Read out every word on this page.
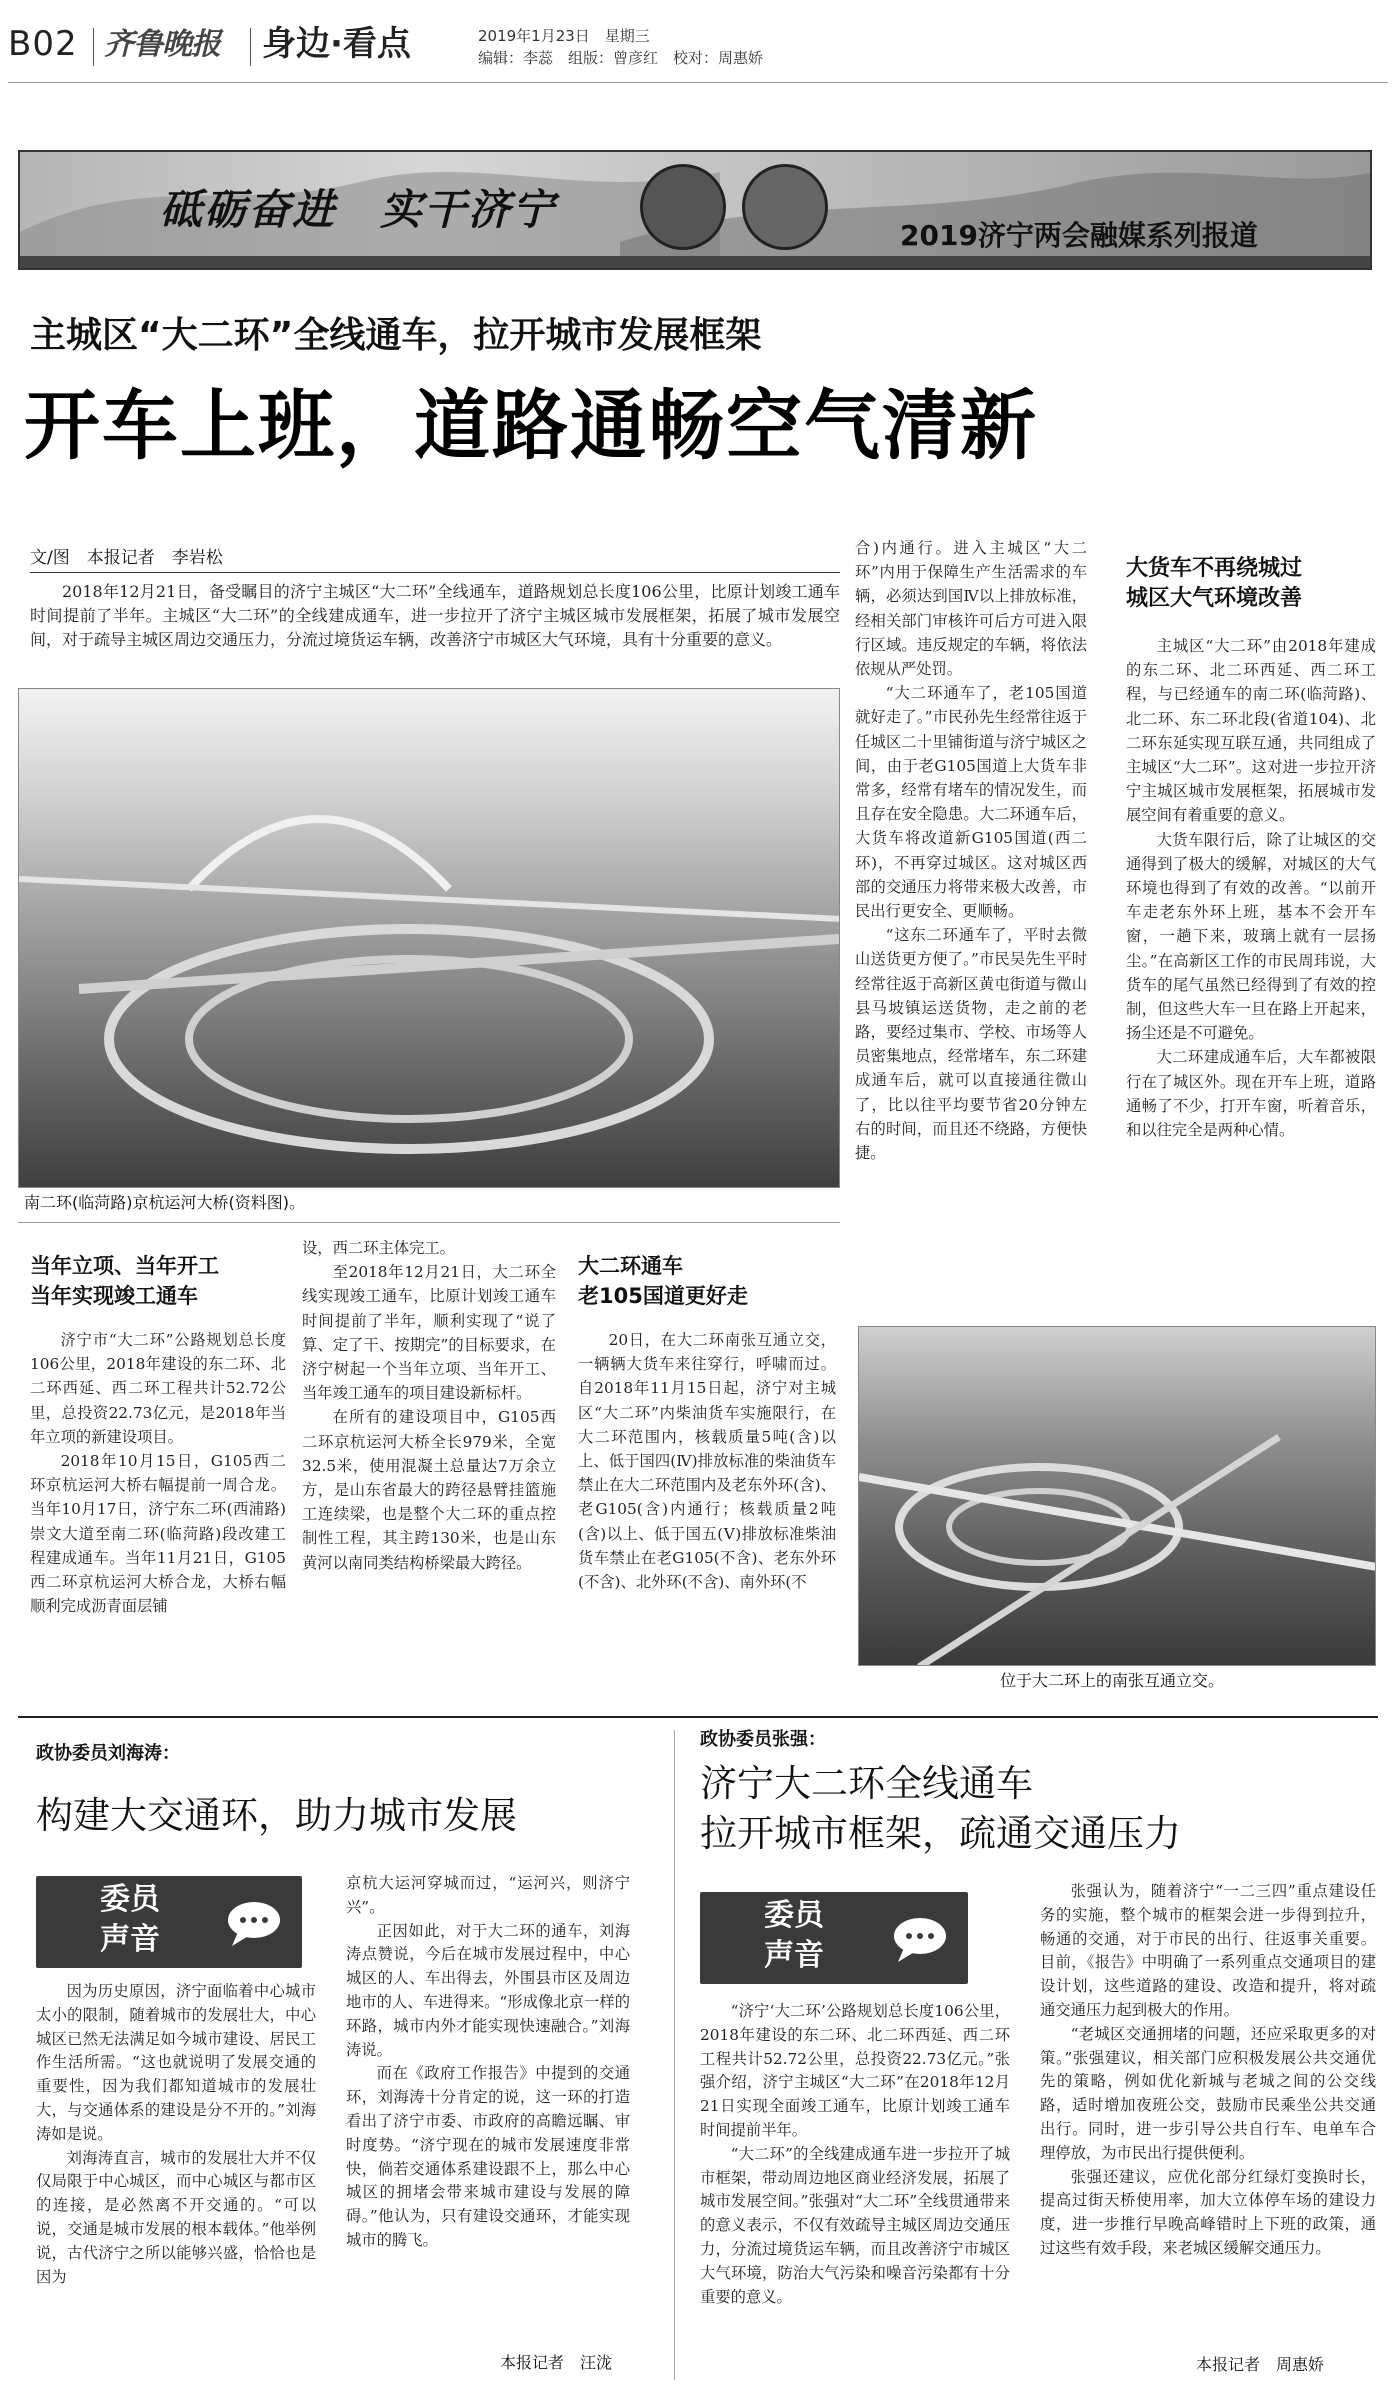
B02 齐鲁晚报 身边·看点	2019年1月23日　星期三
编辑：李蕊　组版：曾彦红　校对：周惠娇
砥砺奋进　实干济宁
2019济宁两会融媒系列报道
主城区“大二环”全线通车，拉开城市发展框架
开车上班，道路通畅空气清新
文/图　本报记者　李岩松
2018年12月21日，备受瞩目的济宁主城区“大二环”全线通车，道路规划总长度106公里，比原计划竣工通车时间提前了半年。主城区“大二环”的全线建成通车，进一步拉开了济宁主城区城市发展框架，拓展了城市发展空间，对于疏导主城区周边交通压力，分流过境货运车辆，改善济宁市城区大气环境，具有十分重要的意义。
南二环(临菏路)京杭运河大桥(资料图)。

合)内通行。进入主城区“大二环”内用于保障生产生活需求的车辆，必须达到国Ⅳ以上排放标准，经相关部门审核许可后方可进入限行区域。违反规定的车辆，将依法依规从严处罚。

“大二环通车了，老105国道就好走了。”市民孙先生经常往返于任城区二十里铺街道与济宁城区之间，由于老G105国道上大货车非常多，经常有堵车的情况发生，而且存在安全隐患。大二环通车后，大货车将改道新G105国道(西二环)，不再穿过城区。这对城区西部的交通压力将带来极大改善，市民出行更安全、更顺畅。

“这东二环通车了，平时去微山送货更方便了。”市民吴先生平时经常往返于高新区黄屯街道与微山县马坡镇运送货物，走之前的老路，要经过集市、学校、市场等人员密集地点，经常堵车，东二环建成通车后，就可以直接通往微山了，比以往平均要节省20分钟左右的时间，而且还不绕路，方便快捷。

大货车不再绕城过
城区大气环境改善

主城区“大二环”由2018年建成的东二环、北二环西延、西二环工程，与已经通车的南二环(临菏路)、北二环、东二环北段(省道104)、北二环东延实现互联互通，共同组成了主城区“大二环”。这对进一步拉开济宁主城区城市发展框架，拓展城市发展空间有着重要的意义。

大货车限行后，除了让城区的交通得到了极大的缓解，对城区的大气环境也得到了有效的改善。“以前开车走老东外环上班，基本不会开车窗，一趟下来，玻璃上就有一层扬尘。”在高新区工作的市民周玮说，大货车的尾气虽然已经得到了有效的控制，但这些大车一旦在路上开起来，扬尘还是不可避免。

大二环建成通车后，大车都被限行在了城区外。现在开车上班，道路通畅了不少，打开车窗，听着音乐，和以往完全是两种心情。

当年立项、当年开工
当年实现竣工通车

济宁市“大二环”公路规划总长度106公里，2018年建设的东二环、北二环西延、西二环工程共计52.72公里，总投资22.73亿元，是2018年当年立项的新建设项目。

2018年10月15日，G105西二环京杭运河大桥右幅提前一周合龙。当年10月17日，济宁东二环(西浦路)崇文大道至南二环(临菏路)段改建工程建成通车。当年11月21日，G105西二环京杭运河大桥合龙，大桥右幅顺利完成沥青面层铺

设，西二环主体完工。

至2018年12月21日，大二环全线实现竣工通车，比原计划竣工通车时间提前了半年，顺利实现了“说了算、定了干、按期完”的目标要求，在济宁树起一个当年立项、当年开工、当年竣工通车的项目建设新标杆。

在所有的建设项目中，G105西二环京杭运河大桥全长979米，全宽32.5米，使用混凝土总量达7万余立方，是山东省最大的跨径悬臂挂篮施工连续梁，也是整个大二环的重点控制性工程，其主跨130米，也是山东黄河以南同类结构桥梁最大跨径。

大二环通车
老105国道更好走
20日，在大二环南张互通立交，一辆辆大货车来往穿行，呼啸而过。自2018年11月15日起，济宁对主城区“大二环”内柴油货车实施限行，在大二环范围内，核载质量5吨(含)以上、低于国四(Ⅳ)排放标准的柴油货车禁止在大二环范围内及老东外环(含)、老G105(含)内通行；核载质量2吨(含)以上、低于国五(Ⅴ)排放标准柴油货车禁止在老G105(不含)、老东外环(不含)、北外环(不含)、南外环(不
位于大二环上的南张互通立交。
政协委员刘海涛：
构建大交通环，助力城市发展
委员
声音

因为历史原因，济宁面临着中心城市太小的限制，随着城市的发展壮大，中心城区已然无法满足如今城市建设、居民工作生活所需。“这也就说明了发展交通的重要性，因为我们都知道城市的发展壮大，与交通体系的建设是分不开的。”刘海涛如是说。

刘海涛直言，城市的发展壮大并不仅仅局限于中心城区，而中心城区与都市区的连接，是必然离不开交通的。“可以说，交通是城市发展的根本载体。”他举例说，古代济宁之所以能够兴盛，恰恰也是因为

京杭大运河穿城而过，“运河兴，则济宁兴”。

正因如此，对于大二环的通车，刘海涛点赞说，今后在城市发展过程中，中心城区的人、车出得去，外围县市区及周边地市的人、车进得来。“形成像北京一样的环路，城市内外才能实现快速融合。”刘海涛说。

而在《政府工作报告》中提到的交通环，刘海涛十分肯定的说，这一环的打造看出了济宁市委、市政府的高瞻远瞩、审时度势。“济宁现在的城市发展速度非常快，倘若交通体系建设跟不上，那么中心城区的拥堵会带来城市建设与发展的障碍。”他认为，只有建设交通环，才能实现城市的腾飞。

本报记者　汪泷
政协委员张强：
济宁大二环全线通车
拉开城市框架，疏通交通压力
委员
声音

“济宁‘大二环’公路规划总长度106公里，2018年建设的东二环、北二环西延、西二环工程共计52.72公里，总投资22.73亿元。”张强介绍，济宁主城区“大二环”在2018年12月21日实现全面竣工通车，比原计划竣工通车时间提前半年。

“大二环”的全线建成通车进一步拉开了城市框架，带动周边地区商业经济发展，拓展了城市发展空间。”张强对“大二环”全线贯通带来的意义表示，不仅有效疏导主城区周边交通压力，分流过境货运车辆，而且改善济宁市城区大气环境，防治大气污染和噪音污染都有十分重要的意义。

张强认为，随着济宁“一二三四”重点建设任务的实施，整个城市的框架会进一步得到拉升，畅通的交通，对于市民的出行、往返事关重要。目前，《报告》中明确了一系列重点交通项目的建设计划，这些道路的建设、改造和提升，将对疏通交通压力起到极大的作用。

“老城区交通拥堵的问题，还应采取更多的对策。”张强建议，相关部门应积极发展公共交通优先的策略，例如优化新城与老城之间的公交线路，适时增加夜班公交，鼓励市民乘坐公共交通出行。同时，进一步引导公共自行车、电单车合理停放，为市民出行提供便利。

张强还建议，应优化部分红绿灯变换时长，提高过街天桥使用率，加大立体停车场的建设力度，进一步推行早晚高峰错时上下班的政策，通过这些有效手段，来老城区缓解交通压力。

本报记者　周惠娇
